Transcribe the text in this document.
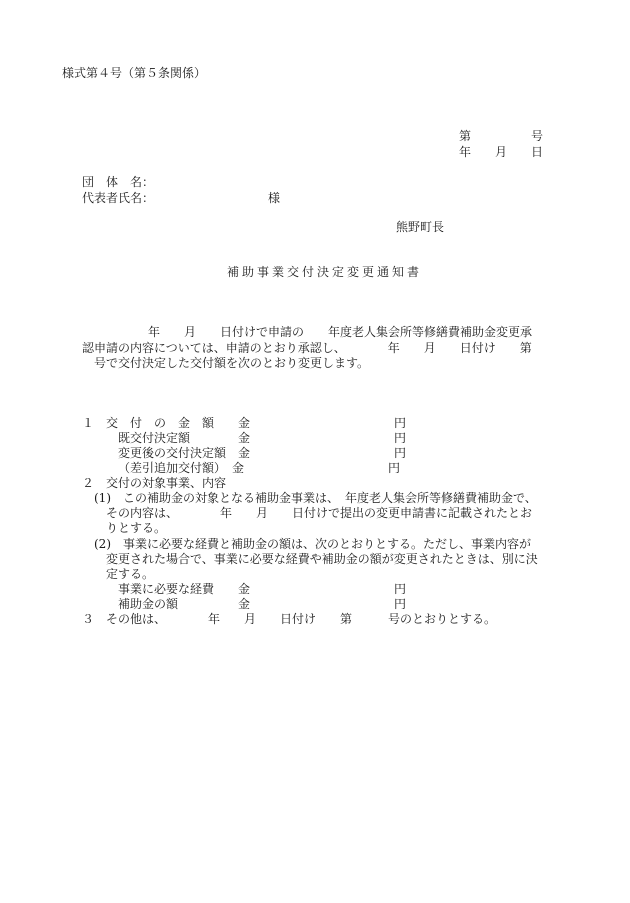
様式第４号（第５条関係）
第　　　　　号
年　　月　　日
団　体　名：
代表者氏名：　　　　　　　　　　様
熊野町長
補助事業交付決定変更通知書
年　　月　　日付けで申請の　　年度老人集会所等修繕費補助金変更承
認申請の内容については、申請のとおり承認し、　　　　年　　月　　日付け　　第
号で交付決定した交付額を次のとおり変更します。
１　交　付　の　金　額　　金　　　　　　　　　　　　円
既交付決定額　　　　金　　　　　　　　　　　　円
変更後の交付決定額　金　　　　　　　　　　　　円
（差引追加交付額）　金　　　　　　　　　　　　円
２　交付の対象事業、内容
(1)　この補助金の対象となる補助金事業は、　年度老人集会所等修繕費補助金で、
その内容は、　　　　年　　月　　日付けで提出の変更申請書に記載されたとお
りとする。
(2)　事業に必要な経費と補助金の額は、次のとおりとする。ただし、事業内容が
変更された場合で、事業に必要な経費や補助金の額が変更されたときは、別に決
定する。
事業に必要な経費　　金　　　　　　　　　　　　円
補助金の額　　　　　金　　　　　　　　　　　　円
３　その他は、　　　　年　　月　　日付け　　第　　　号のとおりとする。
